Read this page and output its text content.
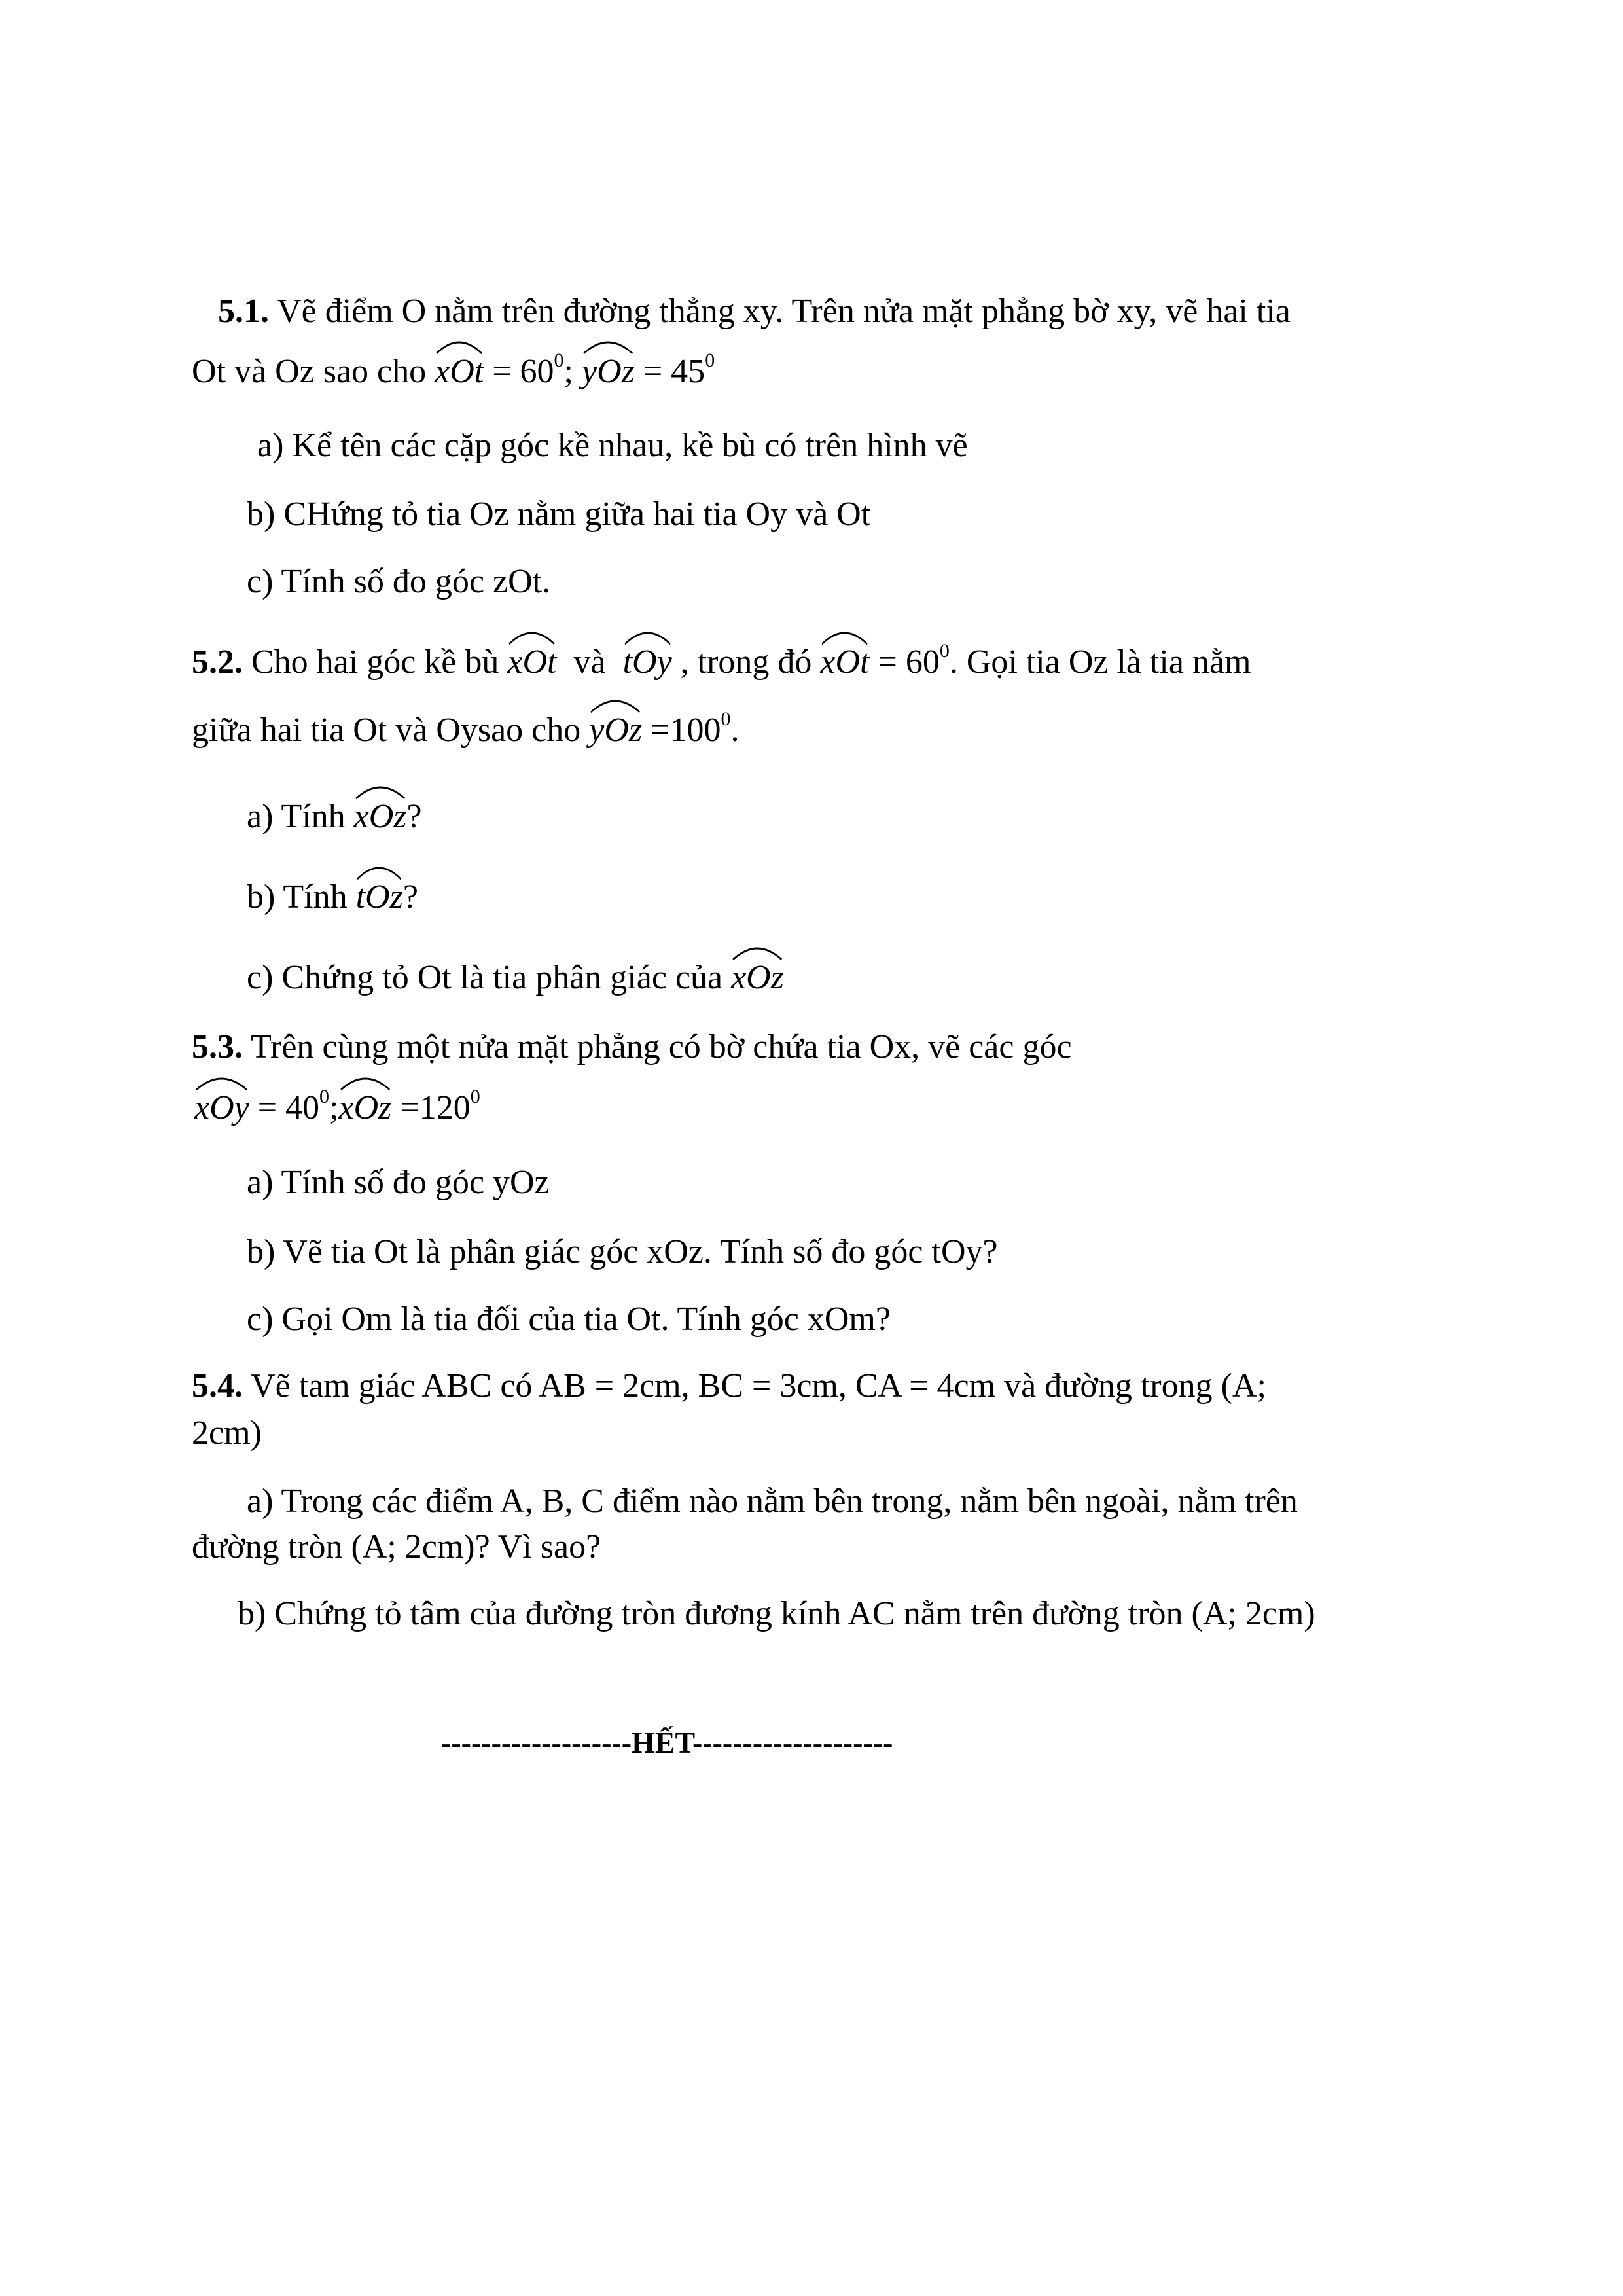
5.1. Vẽ điểm O nằm trên đường thẳng xy. Trên nửa mặt phẳng bờ xy, vẽ hai tia
Ot và Oz sao cho xOt = $60^0$; yOz = $45^0$
a) Kể tên các cặp góc kề nhau, kề bù có trên hình vẽ
b) CHứng tỏ tia Oz nằm giữa hai tia Oy và Ot
c) Tính số đo góc zOt.
5.2. Cho hai góc kề bù xOt và tOy , trong đó xOt = $60^0$. Gọi tia Oz là tia nằm
giữa hai tia Ot và Oysao cho yOz $=100^0$.
a) Tính xOz?
b) Tính tOz?
c) Chứng tỏ Ot là tia phân giác của xOz
5.3. Trên cùng một nửa mặt phẳng có bờ chứa tia Ox, vẽ các góc
xOy = $40^0$;
xOz $=120^0$
a) Tính số đo góc yOz
b) Vẽ tia Ot là phân giác góc xOz. Tính số đo góc tOy?
c) Gọi Om là tia đối của tia Ot. Tính góc xOm?
5.4. Vẽ tam giác ABC có AB = 2cm, BC = 3cm, CA = 4cm và đường trong (A;
2cm)
a) Trong các điểm A, B, C điểm nào nằm bên trong, nằm bên ngoài, nằm trên
đường tròn (A; 2cm)? Vì sao?
b) Chứng tỏ tâm của đường tròn đương kính AC nằm trên đường tròn (A; 2cm)
-------------------HẾT--------------------
